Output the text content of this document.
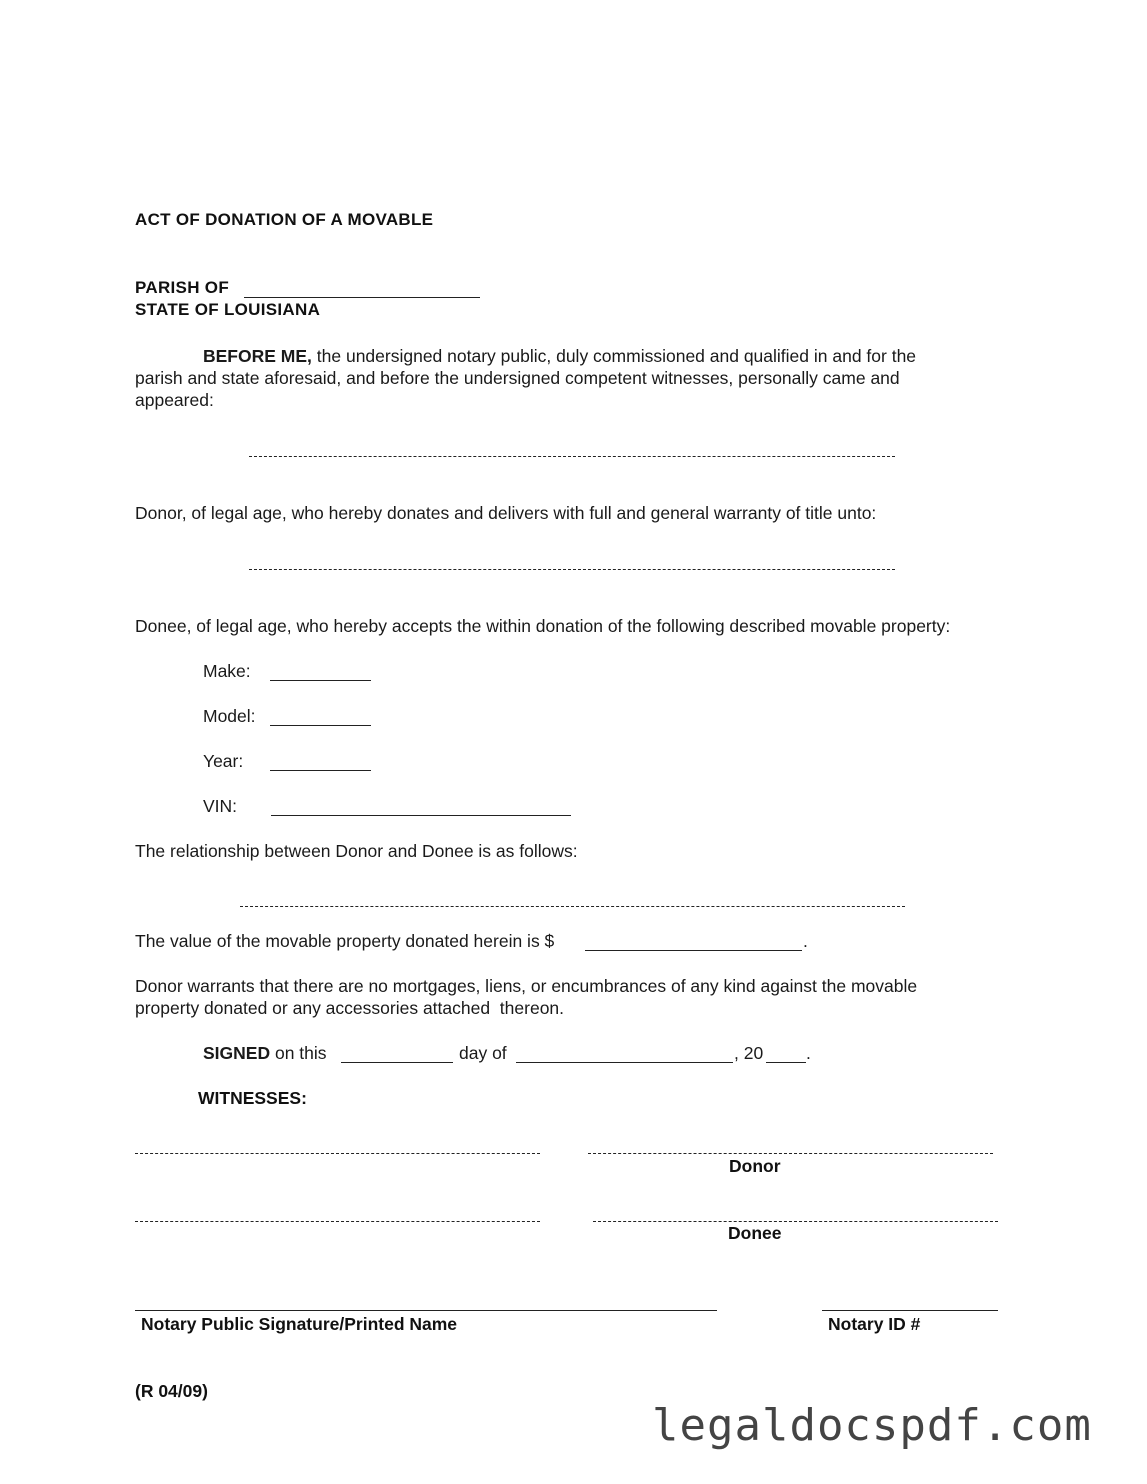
ACT OF DONATION OF A MOVABLE
PARISH OF
STATE OF LOUISIANA
BEFORE ME, the undersigned notary public, duly commissioned and qualified in and for the
parish and state aforesaid, and before the undersigned competent witnesses, personally came and
appeared:
Donor, of legal age, who hereby donates and delivers with full and general warranty of title unto:
Donee, of legal age, who hereby accepts the within donation of the following described movable property:
Make:
Model:
Year:
VIN:
The relationship between Donor and Donee is as follows:
The value of the movable property donated herein is $	.
Donor warrants that there are no mortgages, liens, or encumbrances of any kind against the movable
property donated or any accessories attached  thereon.
SIGNED on this	day of	, 20 .
WITNESSES:
Donor
Donee
Notary Public Signature/Printed Name	Notary ID #
(R 04/09)
legaldocspdf.com
